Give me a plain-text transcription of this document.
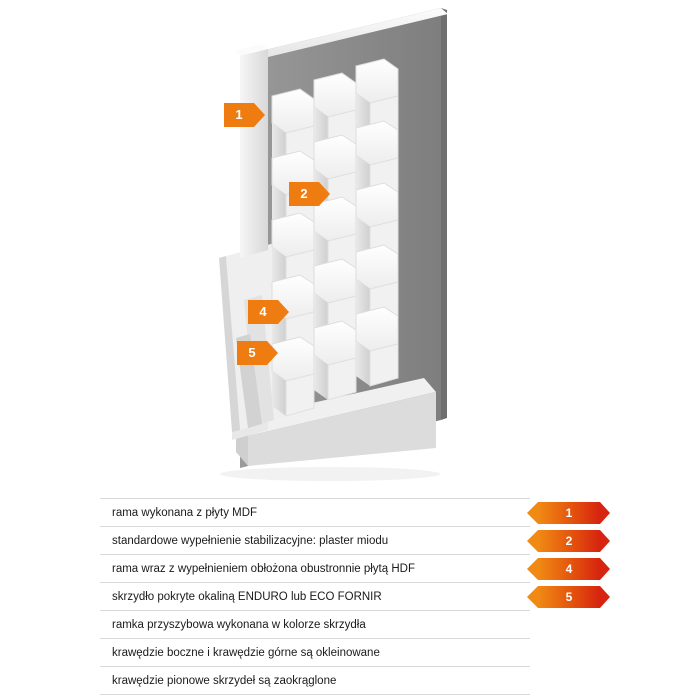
1
2
4
5
rama wykonana z płyty MDF	1

standardowe wypełnienie stabilizacyjne: plaster miodu	2

rama wraz z wypełnieniem obłożona obustronnie płytą HDF	4

skrzydło pokryte okaliną ENDURO lub ECO FORNIR	5

ramka przyszybowa wykonana w kolorze skrzydła	
krawędzie boczne i krawędzie górne są okleinowane	
krawędzie pionowe skrzydeł są zaokrąglone	
